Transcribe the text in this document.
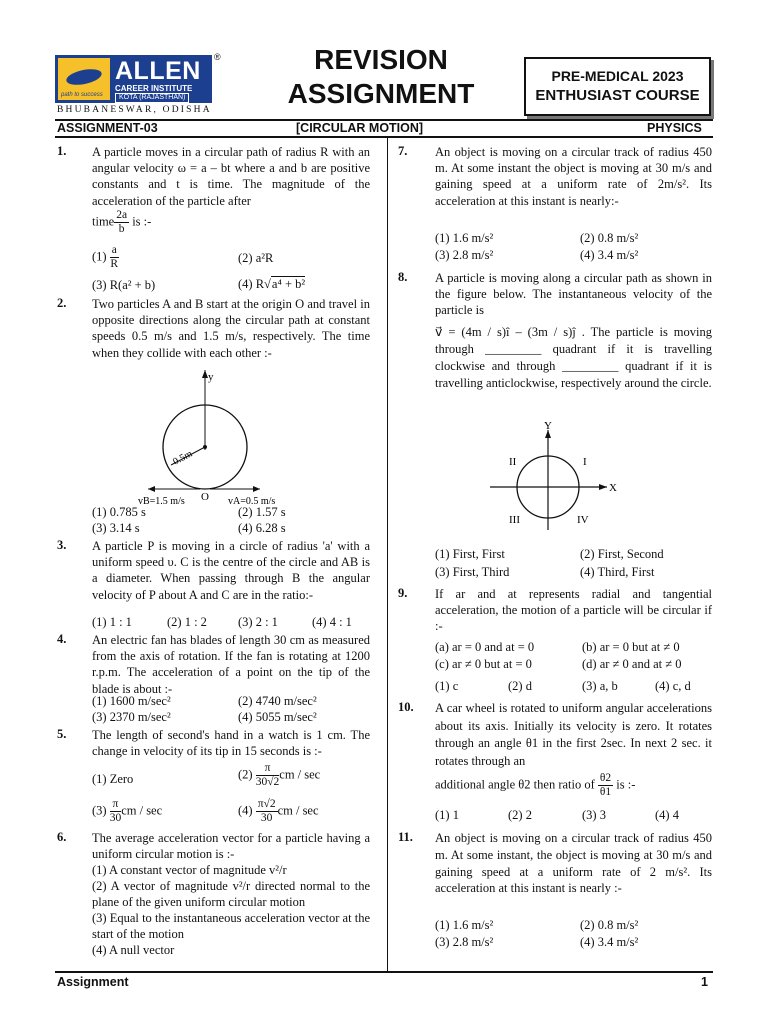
path to success
ALLEN
CAREER INSTITUTE
KOTA (RAJASTHAN)
®
BHUBANESWAR, ODISHA
REVISION
ASSIGNMENT
PRE-MEDICAL 2023
ENTHUSIAST COURSE
ASSIGNMENT-03	[CIRCULAR MOTION]	PHYSICS
1. A particle moves in a circular path of radius R with an angular velocity ω = a – bt where a and b are positive constants and t is time. The magnitude of the acceleration of the particle after
time $\frac{2a}{b}$ is :-
$(1) \frac{a}{R}$	(2) a²R
(3) R(a² + b)	(4) R√a⁴ + b²
2. Two particles A and B start at the origin O and travel in opposite directions along the circular path at constant speeds 0.5 m/s and 1.5 m/s, respectively. The time when they collide with each other :-
0.5m
y
O
vB=1.5 m/s	vA=0.5 m/s
(1) 0.785 s	(2) 1.57 s
(3) 3.14 s	(4) 6.28 s
3. A particle P is moving in a circle of radius 'a' with a uniform speed υ. C is the centre of the circle and AB is a diameter. When passing through B the angular velocity of P about A and C are in the ratio:-
(1) 1 : 1	(2) 1 : 2 (3) 2 : 1	(4) 4 : 1
4. An electric fan has blades of length 30 cm as measured from the axis of rotation. If the fan is rotating at 1200 r.p.m. The acceleration of a point on the tip of the blade is about :-
(1) 1600 m/sec²	(2) 4740 m/sec²
(3) 2370 m/sec²	(4) 5055 m/sec²
5. The length of second's hand in a watch is 1 cm. The change in velocity of its tip in 15 seconds is :-
(1) Zero	$(2) \frac{\pi}{30√2}$ cm / sec
$(3) \frac{\pi}{30}$ cm / sec	$(4) \frac{\pi√2}{30}$ cm / sec
6. The average acceleration vector for a particle having a uniform circular motion is :-
(1) A constant vector of magnitude v²/r
(2) A vector of magnitude v²/r directed normal to the plane of the given uniform circular motion
(3) Equal to the instantaneous acceleration vector at the start of the motion
(4) A null vector
7. An object is moving on a circular track of radius 450 m. At some instant the object is moving at 30 m/s and gaining speed at a uniform rate of 2m/s². Its acceleration at this instant is nearly:-
(1) 1.6 m/s²	(2) 0.8 m/s²
(3) 2.8 m/s²	(4) 3.4 m/s²
8. A particle is moving along a circular path as shown in the figure below. The instantaneous velocity of the particle is
v⃗ = (4m / s)î – (3m / s)ĵ . The particle is moving through _________ quadrant if it is travelling clockwise and through _________ quadrant if it is travelling anticlockwise, respectively around the circle.
Y
X
I
II
III	IV
(1) First, First	(2) First, Second
(3) First, Third	(4) Third, First
9. If ar and at represents radial and tangential acceleration, the motion of a particle will be circular if :-
(a) ar = 0 and at = 0	(b) ar = 0 but at ≠ 0
(c) ar ≠ 0 but at = 0	(d) ar ≠ 0 and at ≠ 0
(1) c	(2) d	(3) a, b	(4) c, d
10. A car wheel is rotated to uniform angular accelerations about its axis. Initially its velocity is zero. It rotates through an angle θ1 in the first 2sec. In next 2 sec. it rotates through an
additional angle θ2 then ratio of $\frac{\theta 2}{\theta 1}$ is :-
(1) 1	(2) 2	(3) 3	(4) 4
11. An object is moving on a circular track of radius 450 m. At some instant, the object is moving at 30 m/s and gaining speed at a uniform rate of 2 m/s². Its acceleration at this instant is nearly :-
(1) 1.6 m/s²	(2) 0.8 m/s²
(3) 2.8 m/s²	(4) 3.4 m/s²
Assignment	1
